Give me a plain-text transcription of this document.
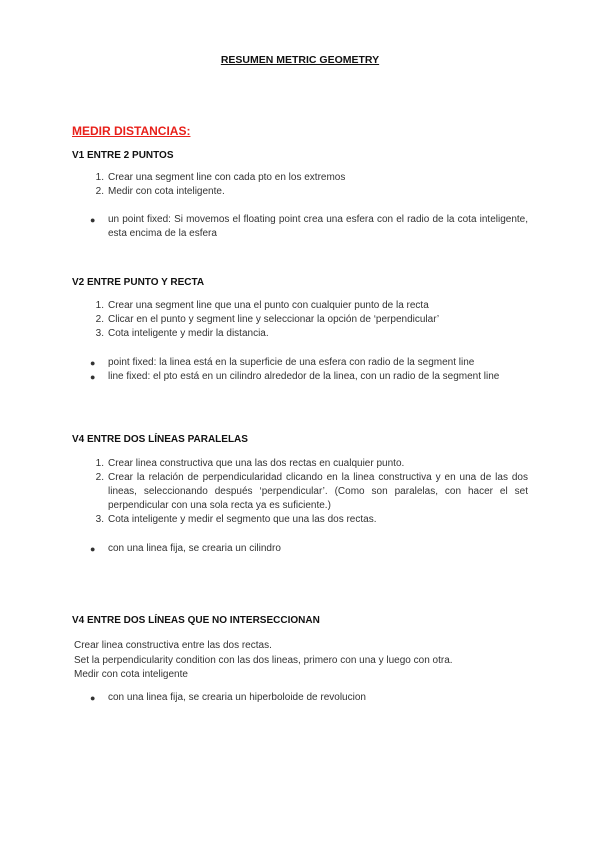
RESUMEN METRIC GEOMETRY
MEDIR DISTANCIAS:
V1 ENTRE 2 PUNTOS
1. Crear una segment line con cada pto en los extremos
2. Medir con cota inteligente.
● un point fixed: Si movemos el floating point crea una esfera con el radio de la cota inteligente, esta encima de la esfera
V2 ENTRE PUNTO Y RECTA
1. Crear una segment line que una el punto con cualquier punto de la recta
2. Clicar en el punto y segment line y seleccionar la opción de ‘perpendicular’
3. Cota inteligente y medir la distancia.
● point fixed: la linea está en la superficie de una esfera con radio de la segment line
● line fixed: el pto está en un cilindro alrededor de la linea, con un radio de la segment line
V4 ENTRE DOS LÍNEAS PARALELAS
1. Crear linea constructiva que una las dos rectas en cualquier punto.
2. Crear la relación de perpendicularidad clicando en la linea constructiva y en una de las dos lineas, seleccionando después ‘perpendicular’. (Como son paralelas, con hacer el set perpendicular con una sola recta ya es suficiente.)
3. Cota inteligente y medir el segmento que una las dos rectas.
● con una linea fija, se crearia un cilindro
V4 ENTRE DOS LÍNEAS QUE NO INTERSECCIONAN
Crear linea constructiva entre las dos rectas.
Set la perpendicularity condition con las dos lineas, primero con una y luego con otra.
Medir con cota inteligente
● con una linea fija, se crearia un hiperboloide de revolucion
